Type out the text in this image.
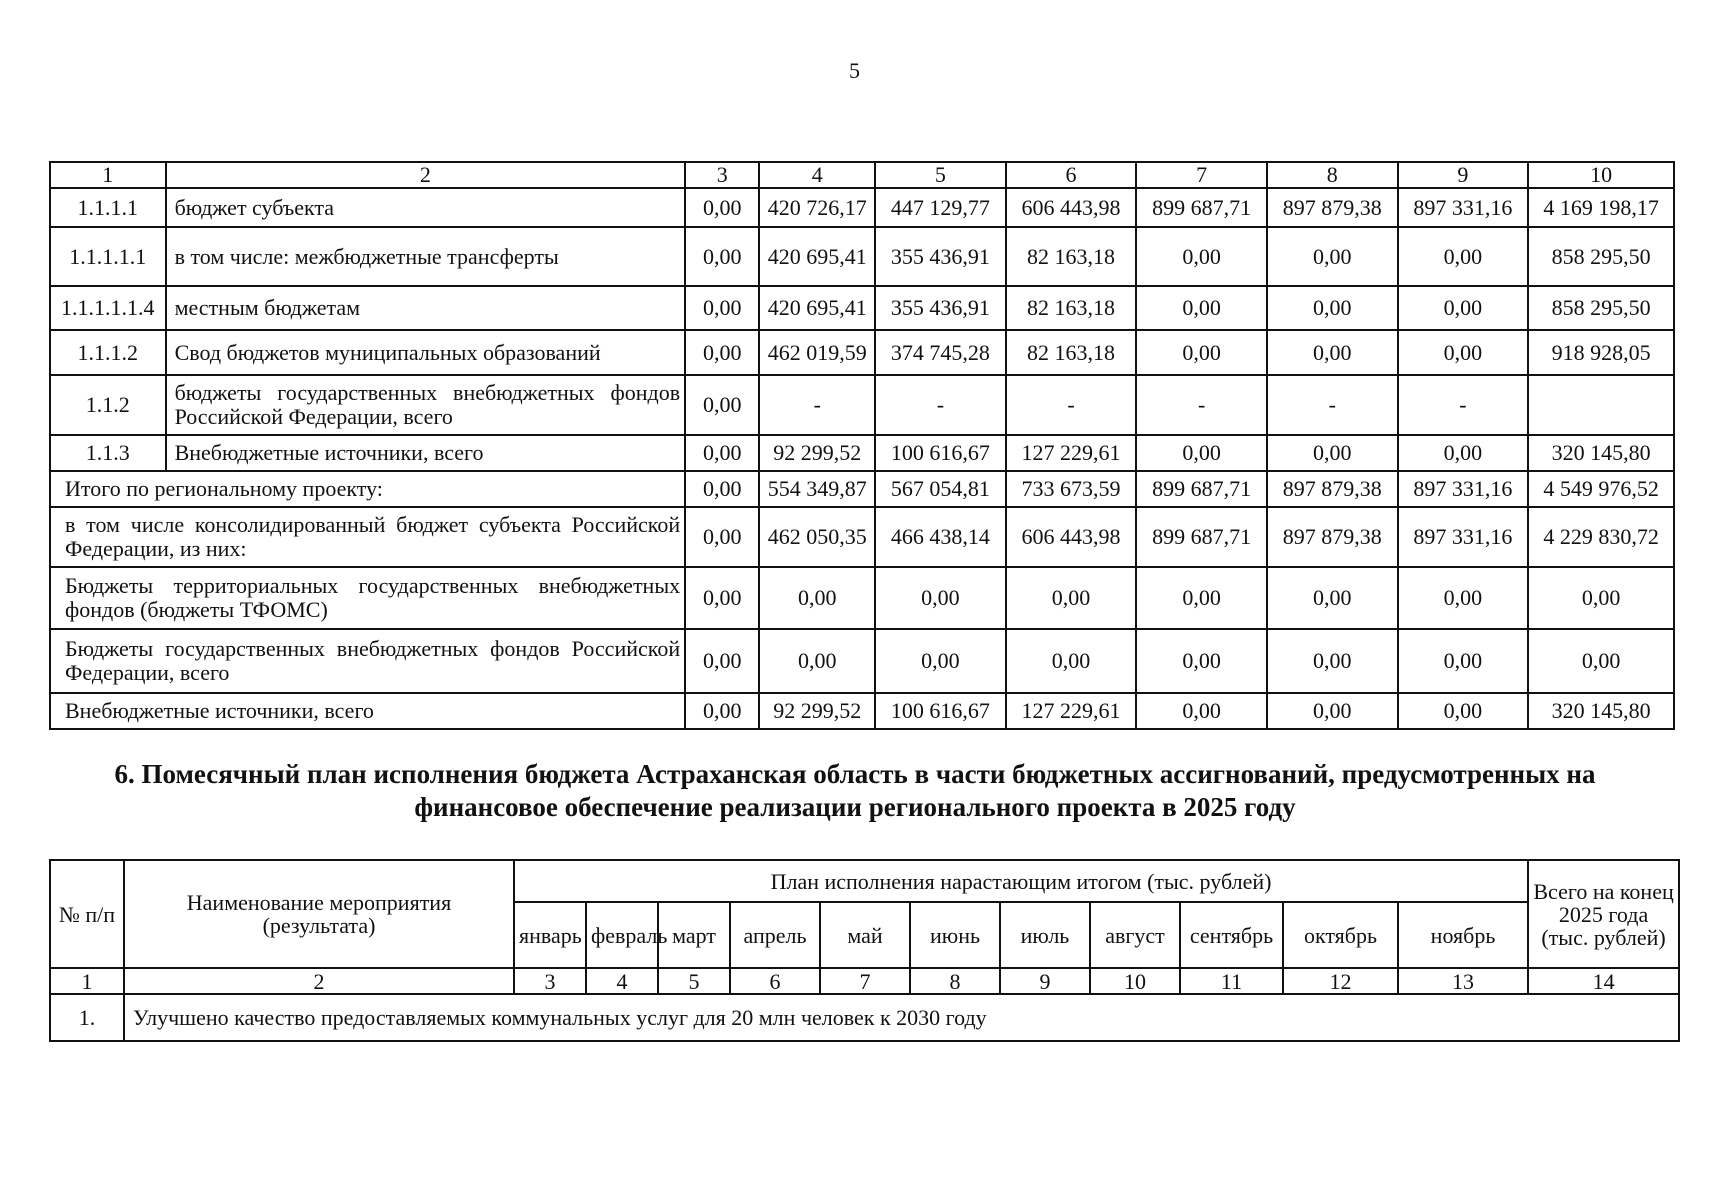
5
1	2	3	4	5	6	7	8	9	10
1.1.1.1	бюджет субъекта	0,00	420 726,17	447 129,77	606 443,98	899 687,71	897 879,38	897 331,16	4 169 198,17
1.1.1.1.1	в том числе: межбюджетные трансферты	0,00	420 695,41	355 436,91	82 163,18	0,00	0,00	0,00	858 295,50
1.1.1.1.1.4	местным бюджетам	0,00	420 695,41	355 436,91	82 163,18	0,00	0,00	0,00	858 295,50
1.1.1.2	Свод бюджетов муниципальных образований	0,00	462 019,59	374 745,28	82 163,18	0,00	0,00	0,00	918 928,05
1.1.2	бюджеты государственных внебюджетных фондов Российской Федерации, всего	0,00	-	-	-	-	-	-	
1.1.3	Внебюджетные источники, всего	0,00	92 299,52	100 616,67	127 229,61	0,00	0,00	0,00	320 145,80
Итого по региональному проекту:		0,00	554 349,87	567 054,81	733 673,59	899 687,71	897 879,38	897 331,16	4 549 976,52
в том числе консолидированный бюджет субъекта Российской Федерации, из них:		0,00	462 050,35	466 438,14	606 443,98	899 687,71	897 879,38	897 331,16	4 229 830,72
Бюджеты территориальных государственных внебюджетных фондов (бюджеты ТФОМС)		0,00	0,00	0,00	0,00	0,00	0,00	0,00	0,00
Бюджеты государственных внебюджетных фондов Российской Федерации, всего		0,00	0,00	0,00	0,00	0,00	0,00	0,00	0,00
Внебюджетные источники, всего		0,00	92 299,52	100 616,67	127 229,61	0,00	0,00	0,00	320 145,80
6. Помесячный план исполнения бюджета Астраханская область в части бюджетных ассигнований, предусмотренных на финансовое обеспечение реализации регионального проекта в 2025 году
№ п/п	Наименование мероприятия (результата)	План исполнения нарастающим итогом (тыс. рублей)											Всего на конец 2025 года (тыс. рублей)
		январь	февраль	март	апрель	май	июнь	июль	август	сентябрь	октябрь	ноябрь	
1	2	3	4	5	6	7	8	9	10	11	12	13	14
1.	Улучшено качество предоставляемых коммунальных услуг для 20 млн человек к 2030 году												
